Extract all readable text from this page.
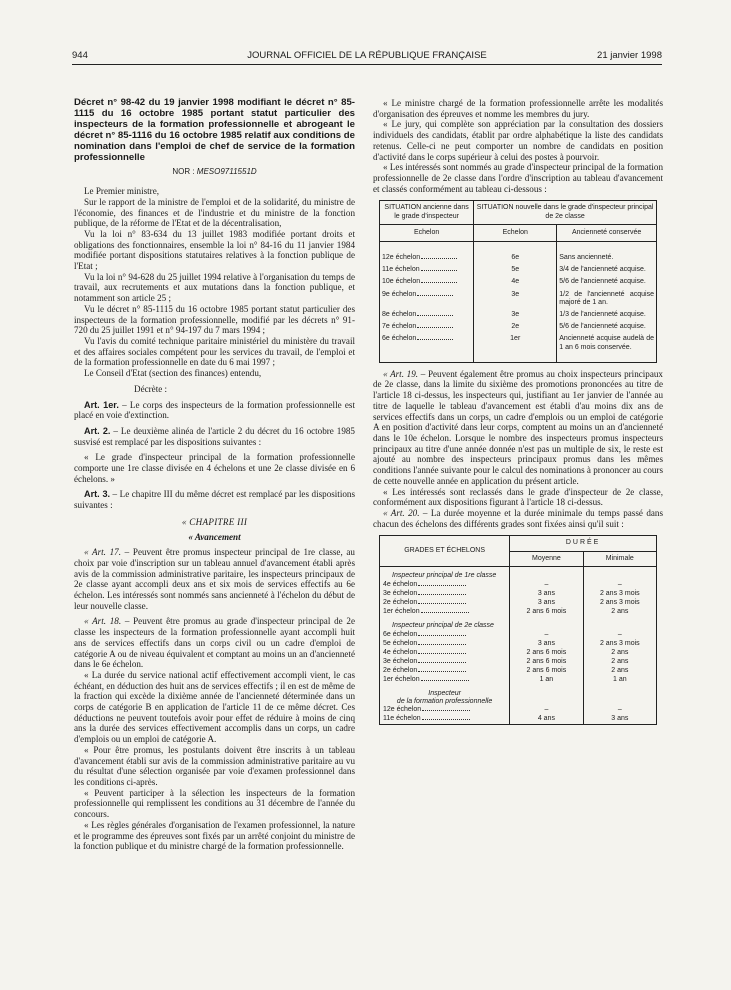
944	JOURNAL OFFICIEL DE LA RÉPUBLIQUE FRANÇAISE	21 janvier 1998

Décret n° 98-42 du 19 janvier 1998 modifiant le décret n° 85-1115 du 16 octobre 1985 portant statut particulier des inspecteurs de la formation professionnelle et abrogeant le décret n° 85-1116 du 16 octobre 1985 relatif aux conditions de nomination dans l'emploi de chef de service de la formation professionnelle

NOR : MESO9711551D

Le Premier ministre,

Sur le rapport de la ministre de l'emploi et de la solidarité, du ministre de l'économie, des finances et de l'industrie et du ministre de la fonction publique, de la réforme de l'Etat et de la décentralisation,

Vu la loi n° 83-634 du 13 juillet 1983 modifiée portant droits et obligations des fonctionnaires, ensemble la loi n° 84-16 du 11 janvier 1984 modifiée portant dispositions statutaires relatives à la fonction publique de l'Etat ;

Vu la loi n° 94-628 du 25 juillet 1994 relative à l'organisation du temps de travail, aux recrutements et aux mutations dans la fonction publique, et notamment son article 25 ;

Vu le décret n° 85-1115 du 16 octobre 1985 portant statut particulier des inspecteurs de la formation professionnelle, modifié par les décrets n° 91-720 du 25 juillet 1991 et n° 94-197 du 7 mars 1994 ;

Vu l'avis du comité technique paritaire ministériel du ministère du travail et des affaires sociales compétent pour les services du travail, de l'emploi et de la formation professionnelle en date du 6 mai 1997 ;

Le Conseil d'Etat (section des finances) entendu,

Décrète :

Art. 1er. – Le corps des inspecteurs de la formation professionnelle est placé en voie d'extinction.

Art. 2. – Le deuxième alinéa de l'article 2 du décret du 16 octobre 1985 susvisé est remplacé par les dispositions suivantes :

« Le grade d'inspecteur principal de la formation professionnelle comporte une 1re classe divisée en 4 échelons et une 2e classe divisée en 6 échelons. »

Art. 3. – Le chapitre III du même décret est remplacé par les dispositions suivantes :

« CHAPITRE III

« Avancement

« Art. 17. – Peuvent être promus inspecteur principal de 1re classe, au choix par voie d'inscription sur un tableau annuel d'avancement établi après avis de la commission administrative paritaire, les inspecteurs principaux de 2e classe ayant accompli deux ans et six mois de services effectifs au 6e échelon. Les intéressés sont nommés sans ancienneté à l'échelon du début de leur nouvelle classe.

« Art. 18. – Peuvent être promus au grade d'inspecteur principal de 2e classe les inspecteurs de la formation professionnelle ayant accompli huit ans de services effectifs dans un corps civil ou un cadre d'emploi de catégorie A ou de niveau équivalent et comptant au moins un an d'ancienneté dans le 6e échelon.

« La durée du service national actif effectivement accompli vient, le cas échéant, en déduction des huit ans de services effectifs ; il en est de même de la fraction qui excède la dixième année de l'ancienneté déterminée dans un corps de catégorie B en application de l'article 11 de ce même décret. Ces déductions ne peuvent toutefois avoir pour effet de réduire à moins de cinq ans la durée des services effectivement accomplis dans un corps, un cadre d'emplois ou un emploi de catégorie A.

« Pour être promus, les postulants doivent être inscrits à un tableau d'avancement établi sur avis de la commission administrative paritaire au vu du résultat d'une sélection organisée par voie d'examen professionnel dans les conditions ci-après.

« Peuvent participer à la sélection les inspecteurs de la formation professionnelle qui remplissent les conditions au 31 décembre de l'année du concours.

« Les règles générales d'organisation de l'examen professionnel, la nature et le programme des épreuves sont fixés par un arrêté conjoint du ministre de la fonction publique et du ministre chargé de la formation professionnelle.

« Le ministre chargé de la formation professionnelle arrête les modalités d'organisation des épreuves et nomme les membres du jury.

« Le jury, qui complète son appréciation par la consultation des dossiers individuels des candidats, établit par ordre alphabétique la liste des candidats retenus. Celle-ci ne peut comporter un nombre de candidats en position d'activité dans le corps supérieur à celui des postes à pourvoir.

« Les intéressés sont nommés au grade d'inspecteur principal de la formation professionnelle de 2e classe dans l'ordre d'inscription au tableau d'avancement et classés conformément au tableau ci-dessous :

SITUATION ancienne dans le grade d'inspecteur	SITUATION nouvelle dans le grade d'inspecteur principal de 2e classe	
Echelon	Echelon	Ancienneté conservée
12e échelon	6e	Sans ancienneté.
11e échelon	5e	3/4 de l'ancienneté acquise.
10e échelon	4e	5/6 de l'ancienneté acquise.
9e échelon	3e	1/2 de l'ancienneté acquise majoré de 1 an.
8e échelon	3e	1/3 de l'ancienneté acquise.
7e échelon	2e	5/6 de l'ancienneté acquise.
6e échelon	1er	Ancienneté acquise audelà de 1 an 6 mois conservée.

« Art. 19. – Peuvent également être promus au choix inspecteurs principaux de 2e classe, dans la limite du sixième des promotions prononcées au titre de l'article 18 ci-dessus, les inspecteurs qui, justifiant au 1er janvier de l'année au titre de laquelle le tableau d'avancement est établi d'au moins dix ans de services effectifs dans un corps, un cadre d'emplois ou un emploi de catégorie A en position d'activité dans leur corps, comptent au moins un an d'ancienneté dans le 10e échelon. Lorsque le nombre des inspecteurs promus inspecteurs principaux au titre d'une année donnée n'est pas un multiple de six, le reste est ajouté au nombre des inspecteurs principaux promus dans les mêmes conditions l'année suivante pour le calcul des nominations à prononcer au cours de cette nouvelle année en application du présent article.

« Les intéressés sont reclassés dans le grade d'inspecteur de 2e classe, conformément aux dispositions figurant à l'article 18 ci-dessus.

« Art. 20. – La durée moyenne et la durée minimale du temps passé dans chacun des échelons des différents grades sont fixées ainsi qu'il suit :

GRADES ET ÉCHELONS	DURÉE	
	Moyenne	Minimale
Inspecteur principal de 1re classe		
4e échelon	–	–
3e échelon	3 ans	2 ans 3 mois
2e échelon	3 ans	2 ans 3 mois
1er échelon	2 ans 6 mois	2 ans
Inspecteur principal de 2e classe		
6e échelon	–	–
5e échelon	3 ans	2 ans 3 mois
4e échelon	2 ans 6 mois	2 ans
3e échelon	2 ans 6 mois	2 ans
2e échelon	2 ans 6 mois	2 ans
1er échelon	1 an	1 an
Inspecteur
de la formation professionnelle		
12e échelon	–	–
11e échelon	4 ans	3 ans
